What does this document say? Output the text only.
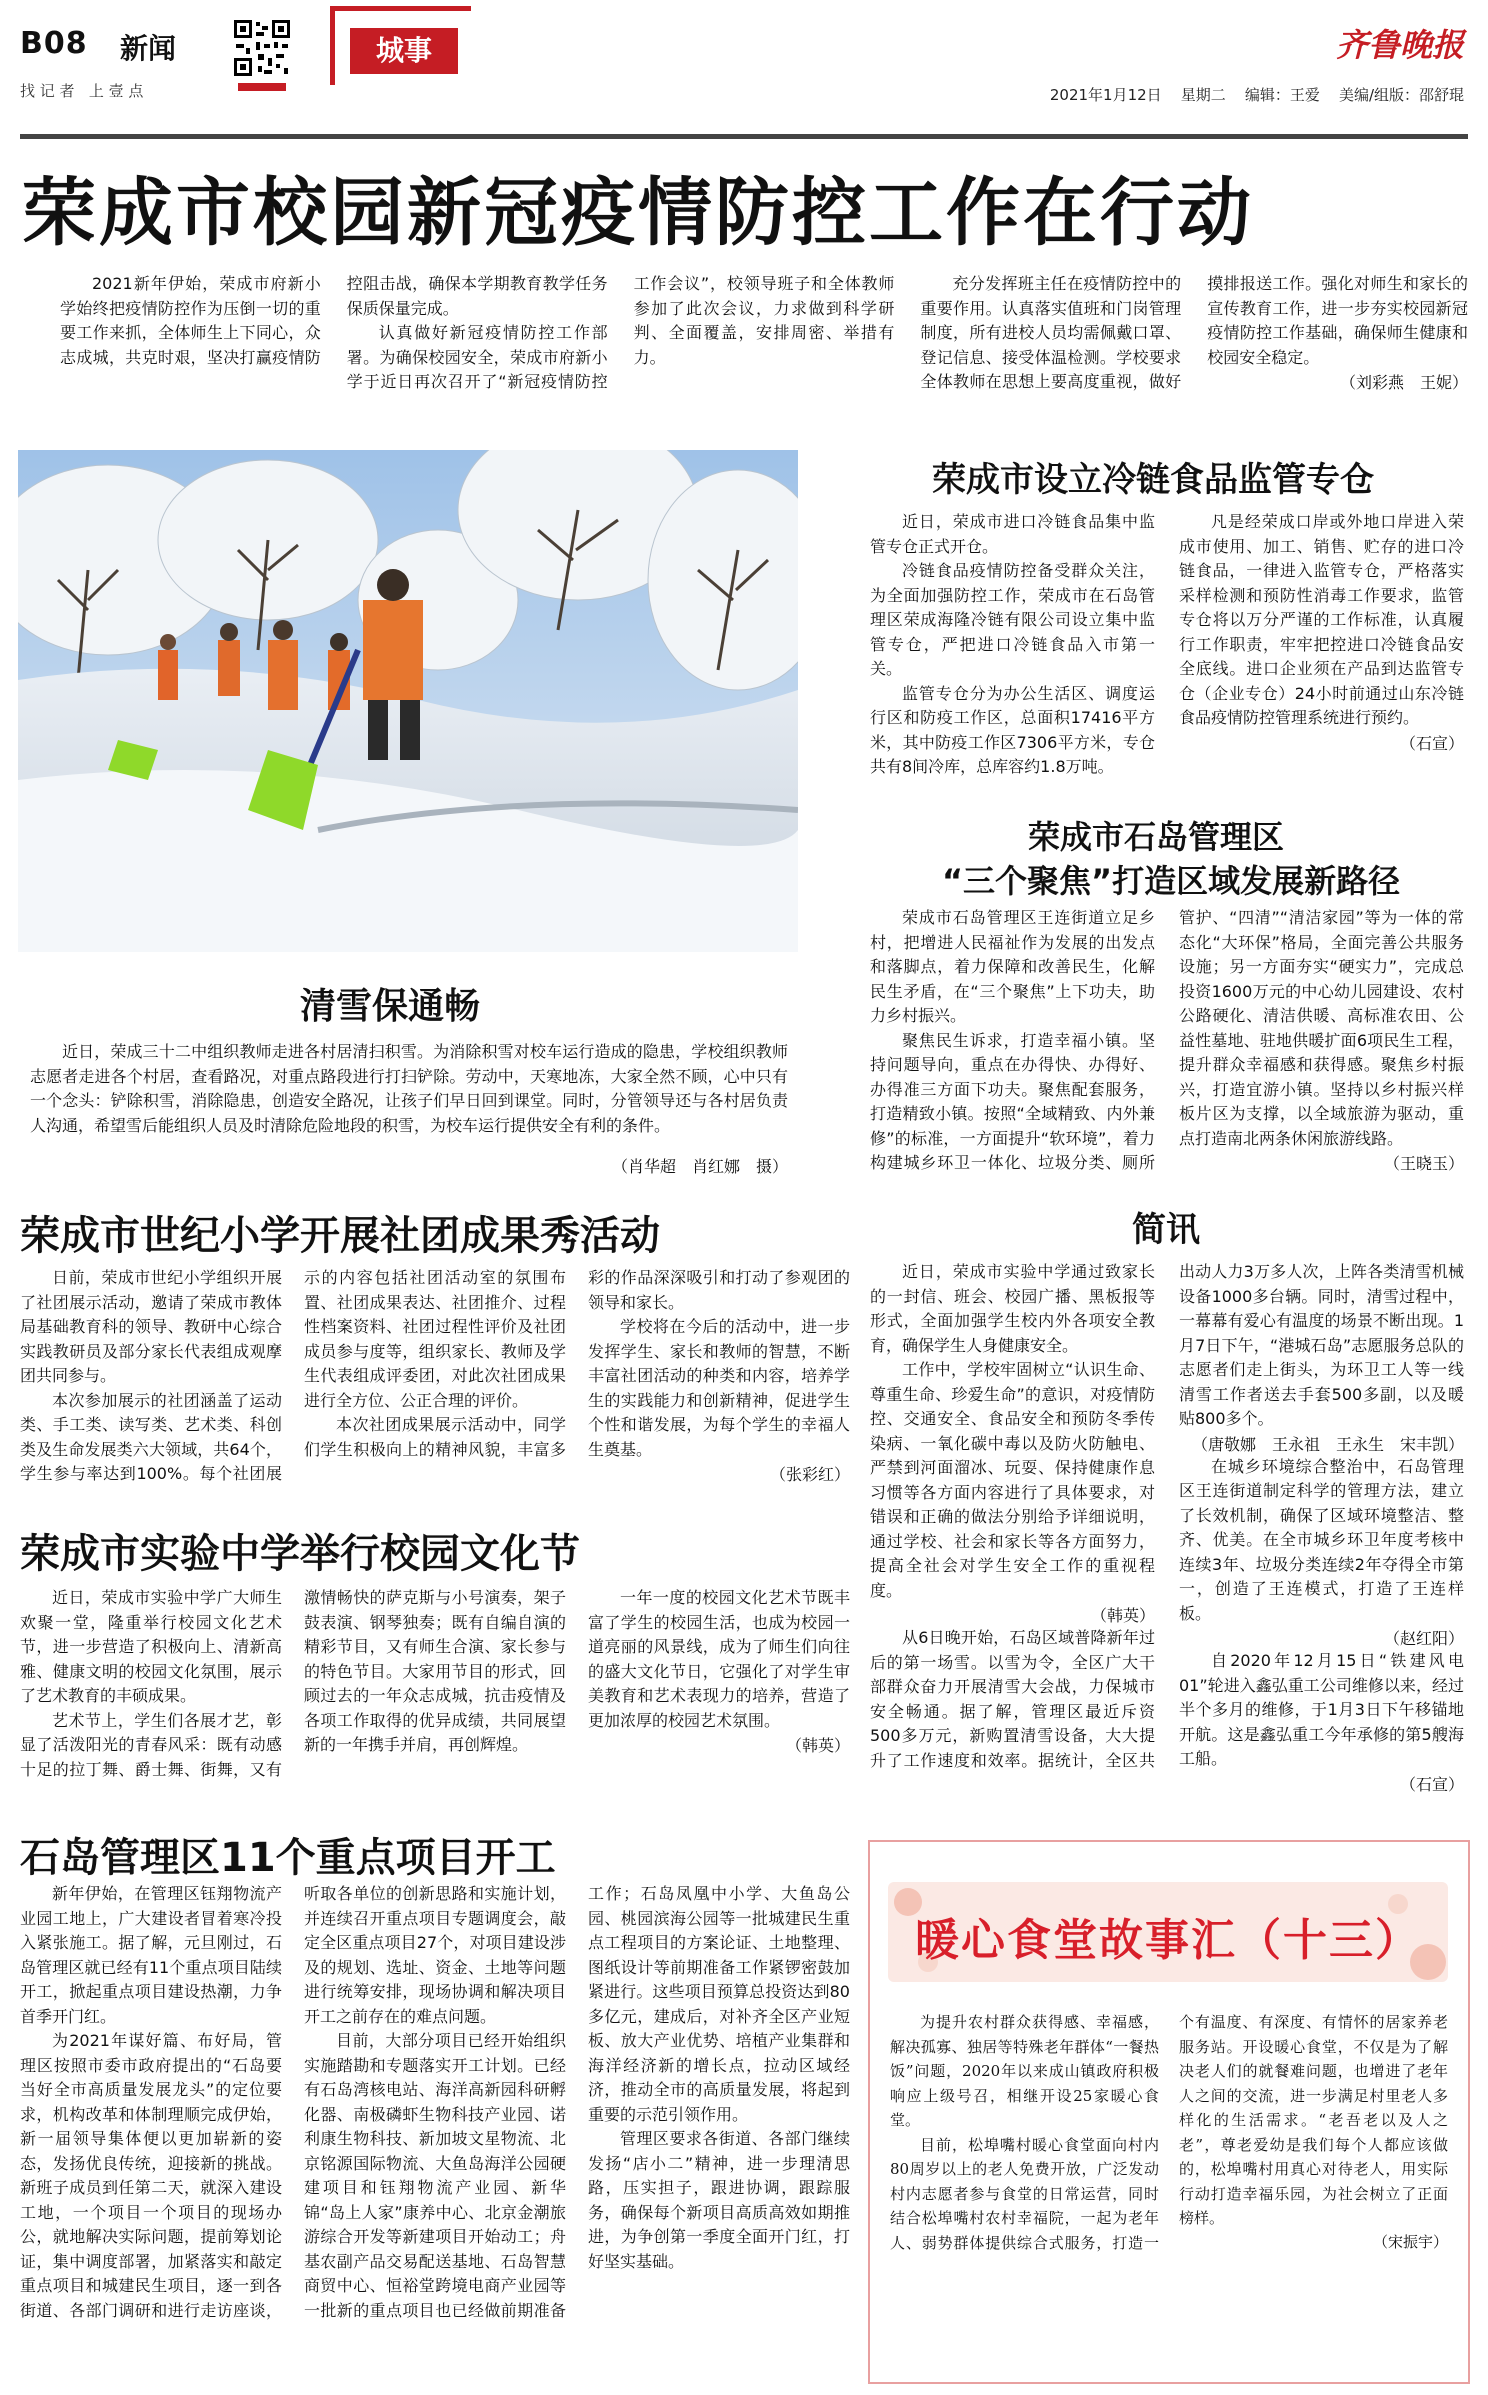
B08 新闻
找 记 者   上 壹 点
城事	齐鲁晚报
2021年1月12日 星期二 编辑：王爱 美编/组版：邵舒琨
荣成市校园新冠疫情防控工作在行动

2021新年伊始，荣成市府新小学始终把疫情防控作为压倒一切的重要工作来抓，全体师生上下同心，众志成城，共克时艰，坚决打赢疫情防控阻击战，确保本学期教育教学任务保质保量完成。

认真做好新冠疫情防控工作部署。为确保校园安全，荣成市府新小学于近日再次召开了“新冠疫情防控工作会议”，校领导班子和全体教师参加了此次会议，力求做到科学研判、全面覆盖，安排周密、举措有力。

充分发挥班主任在疫情防控中的重要作用。认真落实值班和门岗管理制度，所有进校人员均需佩戴口罩、登记信息、接受体温检测。学校要求全体教师在思想上要高度重视，做好摸排报送工作。强化对师生和家长的宣传教育工作，进一步夯实校园新冠疫情防控工作基础，确保师生健康和校园安全稳定。

（刘彩燕　王妮）

清雪保通畅

近日，荣成三十二中组织教师走进各村居清扫积雪。为消除积雪对校车运行造成的隐患，学校组织教师志愿者走进各个村居，查看路况，对重点路段进行打扫铲除。劳动中，天寒地冻，大家全然不顾，心中只有一个念头：铲除积雪，消除隐患，创造安全路况，让孩子们早日回到课堂。同时，分管领导还与各村居负责人沟通，希望雪后能组织人员及时清除危险地段的积雪，为校车运行提供安全有利的条件。

（肖华超　肖红娜　摄）
荣成市设立冷链食品监管专仓

近日，荣成市进口冷链食品集中监管专仓正式开仓。

冷链食品疫情防控备受群众关注，为全面加强防控工作，荣成市在石岛管理区荣成海隆冷链有限公司设立集中监管专仓，严把进口冷链食品入市第一关。

监管专仓分为办公生活区、调度运行区和防疫工作区，总面积17416平方米，其中防疫工作区7306平方米，专仓共有8间冷库，总库容约1.8万吨。

凡是经荣成口岸或外地口岸进入荣成市使用、加工、销售、贮存的进口冷链食品，一律进入监管专仓，严格落实采样检测和预防性消毒工作要求，监管专仓将以万分严谨的工作标准，认真履行工作职责，牢牢把控进口冷链食品安全底线。进口企业须在产品到达监管专仓（企业专仓）24小时前通过山东冷链食品疫情防控管理系统进行预约。

（石宣）

荣成市石岛管理区
“三个聚焦”打造区域发展新路径

荣成市石岛管理区王连街道立足乡村，把增进人民福祉作为发展的出发点和落脚点，着力保障和改善民生，化解民生矛盾，在“三个聚焦”上下功夫，助力乡村振兴。

聚焦民生诉求，打造幸福小镇。坚持问题导向，重点在办得快、办得好、办得准三方面下功夫。聚焦配套服务，打造精致小镇。按照“全域精致、内外兼修”的标准，一方面提升“软环境”，着力构建城乡环卫一体化、垃圾分类、厕所管护、“四清”“清洁家园”等为一体的常态化“大环保”格局，全面完善公共服务设施；另一方面夯实“硬实力”，完成总投资1600万元的中心幼儿园建设、农村公路硬化、清洁供暖、高标准农田、公益性墓地、驻地供暖扩面6项民生工程，提升群众幸福感和获得感。聚焦乡村振兴，打造宜游小镇。坚持以乡村振兴样板片区为支撑，以全域旅游为驱动，重点打造南北两条休闲旅游线路。

（王晓玉）

荣成市世纪小学开展社团成果秀活动

日前，荣成市世纪小学组织开展了社团展示活动，邀请了荣成市教体局基础教育科的领导、教研中心综合实践教研员及部分家长代表组成观摩团共同参与。

本次参加展示的社团涵盖了运动类、手工类、读写类、艺术类、科创类及生命发展类六大领域，共64个，学生参与率达到100%。每个社团展示的内容包括社团活动室的氛围布置、社团成果表达、社团推介、过程性档案资料、社团过程性评价及社团成员参与度等，组织家长、教师及学生代表组成评委团，对此次社团成果进行全方位、公正合理的评价。

本次社团成果展示活动中，同学们学生积极向上的精神风貌，丰富多彩的作品深深吸引和打动了参观团的领导和家长。

学校将在今后的活动中，进一步发挥学生、家长和教师的智慧，不断丰富社团活动的种类和内容，培养学生的实践能力和创新精神，促进学生个性和谐发展，为每个学生的幸福人生奠基。

（张彩红）

荣成市实验中学举行校园文化节

近日，荣成市实验中学广大师生欢聚一堂，隆重举行校园文化艺术节，进一步营造了积极向上、清新高雅、健康文明的校园文化氛围，展示了艺术教育的丰硕成果。

艺术节上，学生们各展才艺，彰显了活泼阳光的青春风采：既有动感十足的拉丁舞、爵士舞、街舞，又有激情畅快的萨克斯与小号演奏，架子鼓表演、钢琴独奏；既有自编自演的精彩节目，又有师生合演、家长参与的特色节目。大家用节目的形式，回顾过去的一年众志成城，抗击疫情及各项工作取得的优异成绩，共同展望新的一年携手并肩，再创辉煌。

一年一度的校园文化艺术节既丰富了学生的校园生活，也成为校园一道亮丽的风景线，成为了师生们向往的盛大文化节日，它强化了对学生审美教育和艺术表现力的培养，营造了更加浓厚的校园艺术氛围。

（韩英）

石岛管理区11个重点项目开工

新年伊始，在管理区钰翔物流产业园工地上，广大建设者冒着寒冷投入紧张施工。据了解，元旦刚过，石岛管理区就已经有11个重点项目陆续开工，掀起重点项目建设热潮，力争首季开门红。

为2021年谋好篇、布好局，管理区按照市委市政府提出的“石岛要当好全市高质量发展龙头”的定位要求，机构改革和体制理顺完成伊始，新一届领导集体便以更加崭新的姿态，发扬优良传统，迎接新的挑战。新班子成员到任第二天，就深入建设工地，一个项目一个项目的现场办公，就地解决实际问题，提前筹划论证，集中调度部署，加紧落实和敲定重点项目和城建民生项目，逐一到各街道、各部门调研和进行走访座谈，听取各单位的创新思路和实施计划，并连续召开重点项目专题调度会，敲定全区重点项目27个，对项目建设涉及的规划、选址、资金、土地等问题进行统筹安排，现场协调和解决项目开工之前存在的难点问题。

目前，大部分项目已经开始组织实施踏勘和专题落实开工计划。已经有石岛湾核电站、海洋高新园科研孵化器、南极磷虾生物科技产业园、诺利康生物科技、新加坡文星物流、北京铭源国际物流、大鱼岛海洋公园硬建项目和钰翔物流产业园、新华锦“岛上人家”康养中心、北京金潮旅游综合开发等新建项目开始动工；舟基农副产品交易配送基地、石岛智慧商贸中心、恒裕堂跨境电商产业园等一批新的重点项目也已经做前期准备工作；石岛凤凰中小学、大鱼岛公园、桃园滨海公园等一批城建民生重点工程项目的方案论证、土地整理、图纸设计等前期准备工作紧锣密鼓加紧进行。这些项目预算总投资达到80多亿元，建成后，对补齐全区产业短板、放大产业优势、培植产业集群和海洋经济新的增长点，拉动区域经济，推动全市的高质量发展，将起到重要的示范引领作用。

管理区要求各街道、各部门继续发扬“店小二”精神，进一步理清思路，压实担子，跟进协调，跟踪服务，确保每个新项目高质高效如期推进，为争创第一季度全面开门红，打好坚实基础。

简讯

近日，荣成市实验中学通过致家长的一封信、班会、校园广播、黑板报等形式，全面加强学生校内外各项安全教育，确保学生人身健康安全。

工作中，学校牢固树立“认识生命、尊重生命、珍爱生命”的意识，对疫情防控、交通安全、食品安全和预防冬季传染病、一氧化碳中毒以及防火防触电、严禁到河面溜冰、玩耍、保持健康作息习惯等各方面内容进行了具体要求，对错误和正确的做法分别给予详细说明，通过学校、社会和家长等各方面努力，提高全社会对学生安全工作的重视程度。

（韩英）

从6日晚开始，石岛区域普降新年过后的第一场雪。以雪为令，全区广大干部群众奋力开展清雪大会战，力保城市安全畅通。据了解，管理区最近斥资500多万元，新购置清雪设备，大大提升了工作速度和效率。据统计，全区共出动人力3万多人次，上阵各类清雪机械设备1000多台辆。同时，清雪过程中，一幕幕有爱心有温度的场景不断出现。1月7日下午，“港城石岛”志愿服务总队的志愿者们走上街头，为环卫工人等一线清雪工作者送去手套500多副，以及暖贴800多个。

（唐敬娜　王永祖　王永生　宋丰凯）

在城乡环境综合整治中，石岛管理区王连街道制定科学的管理方法，建立了长效机制，确保了区域环境整洁、整齐、优美。在全市城乡环卫年度考核中连续3年、垃圾分类连续2年夺得全市第一，创造了王连模式，打造了王连样板。

（赵红阳）

自2020年12月15日“铁建风电01”轮进入鑫弘重工公司维修以来，经过半个多月的维修，于1月3日下午移锚地开航。这是鑫弘重工今年承修的第5艘海工船。

（石宣）

暖心食堂故事汇（十三）

为提升农村群众获得感、幸福感，解决孤寡、独居等特殊老年群体“一餐热饭”问题，2020年以来成山镇政府积极响应上级号召，相继开设25家暖心食堂。

目前，松埠嘴村暖心食堂面向村内80周岁以上的老人免费开放，广泛发动村内志愿者参与食堂的日常运营，同时结合松埠嘴村农村幸福院，一起为老年人、弱势群体提供综合式服务，打造一个有温度、有深度、有情怀的居家养老服务站。开设暖心食堂，不仅是为了解决老人们的就餐难问题，也增进了老年人之间的交流，进一步满足村里老人多样化的生活需求。“老吾老以及人之老”，尊老爱幼是我们每个人都应该做的，松埠嘴村用真心对待老人，用实际行动打造幸福乐园，为社会树立了正面榜样。

（宋振宇）
